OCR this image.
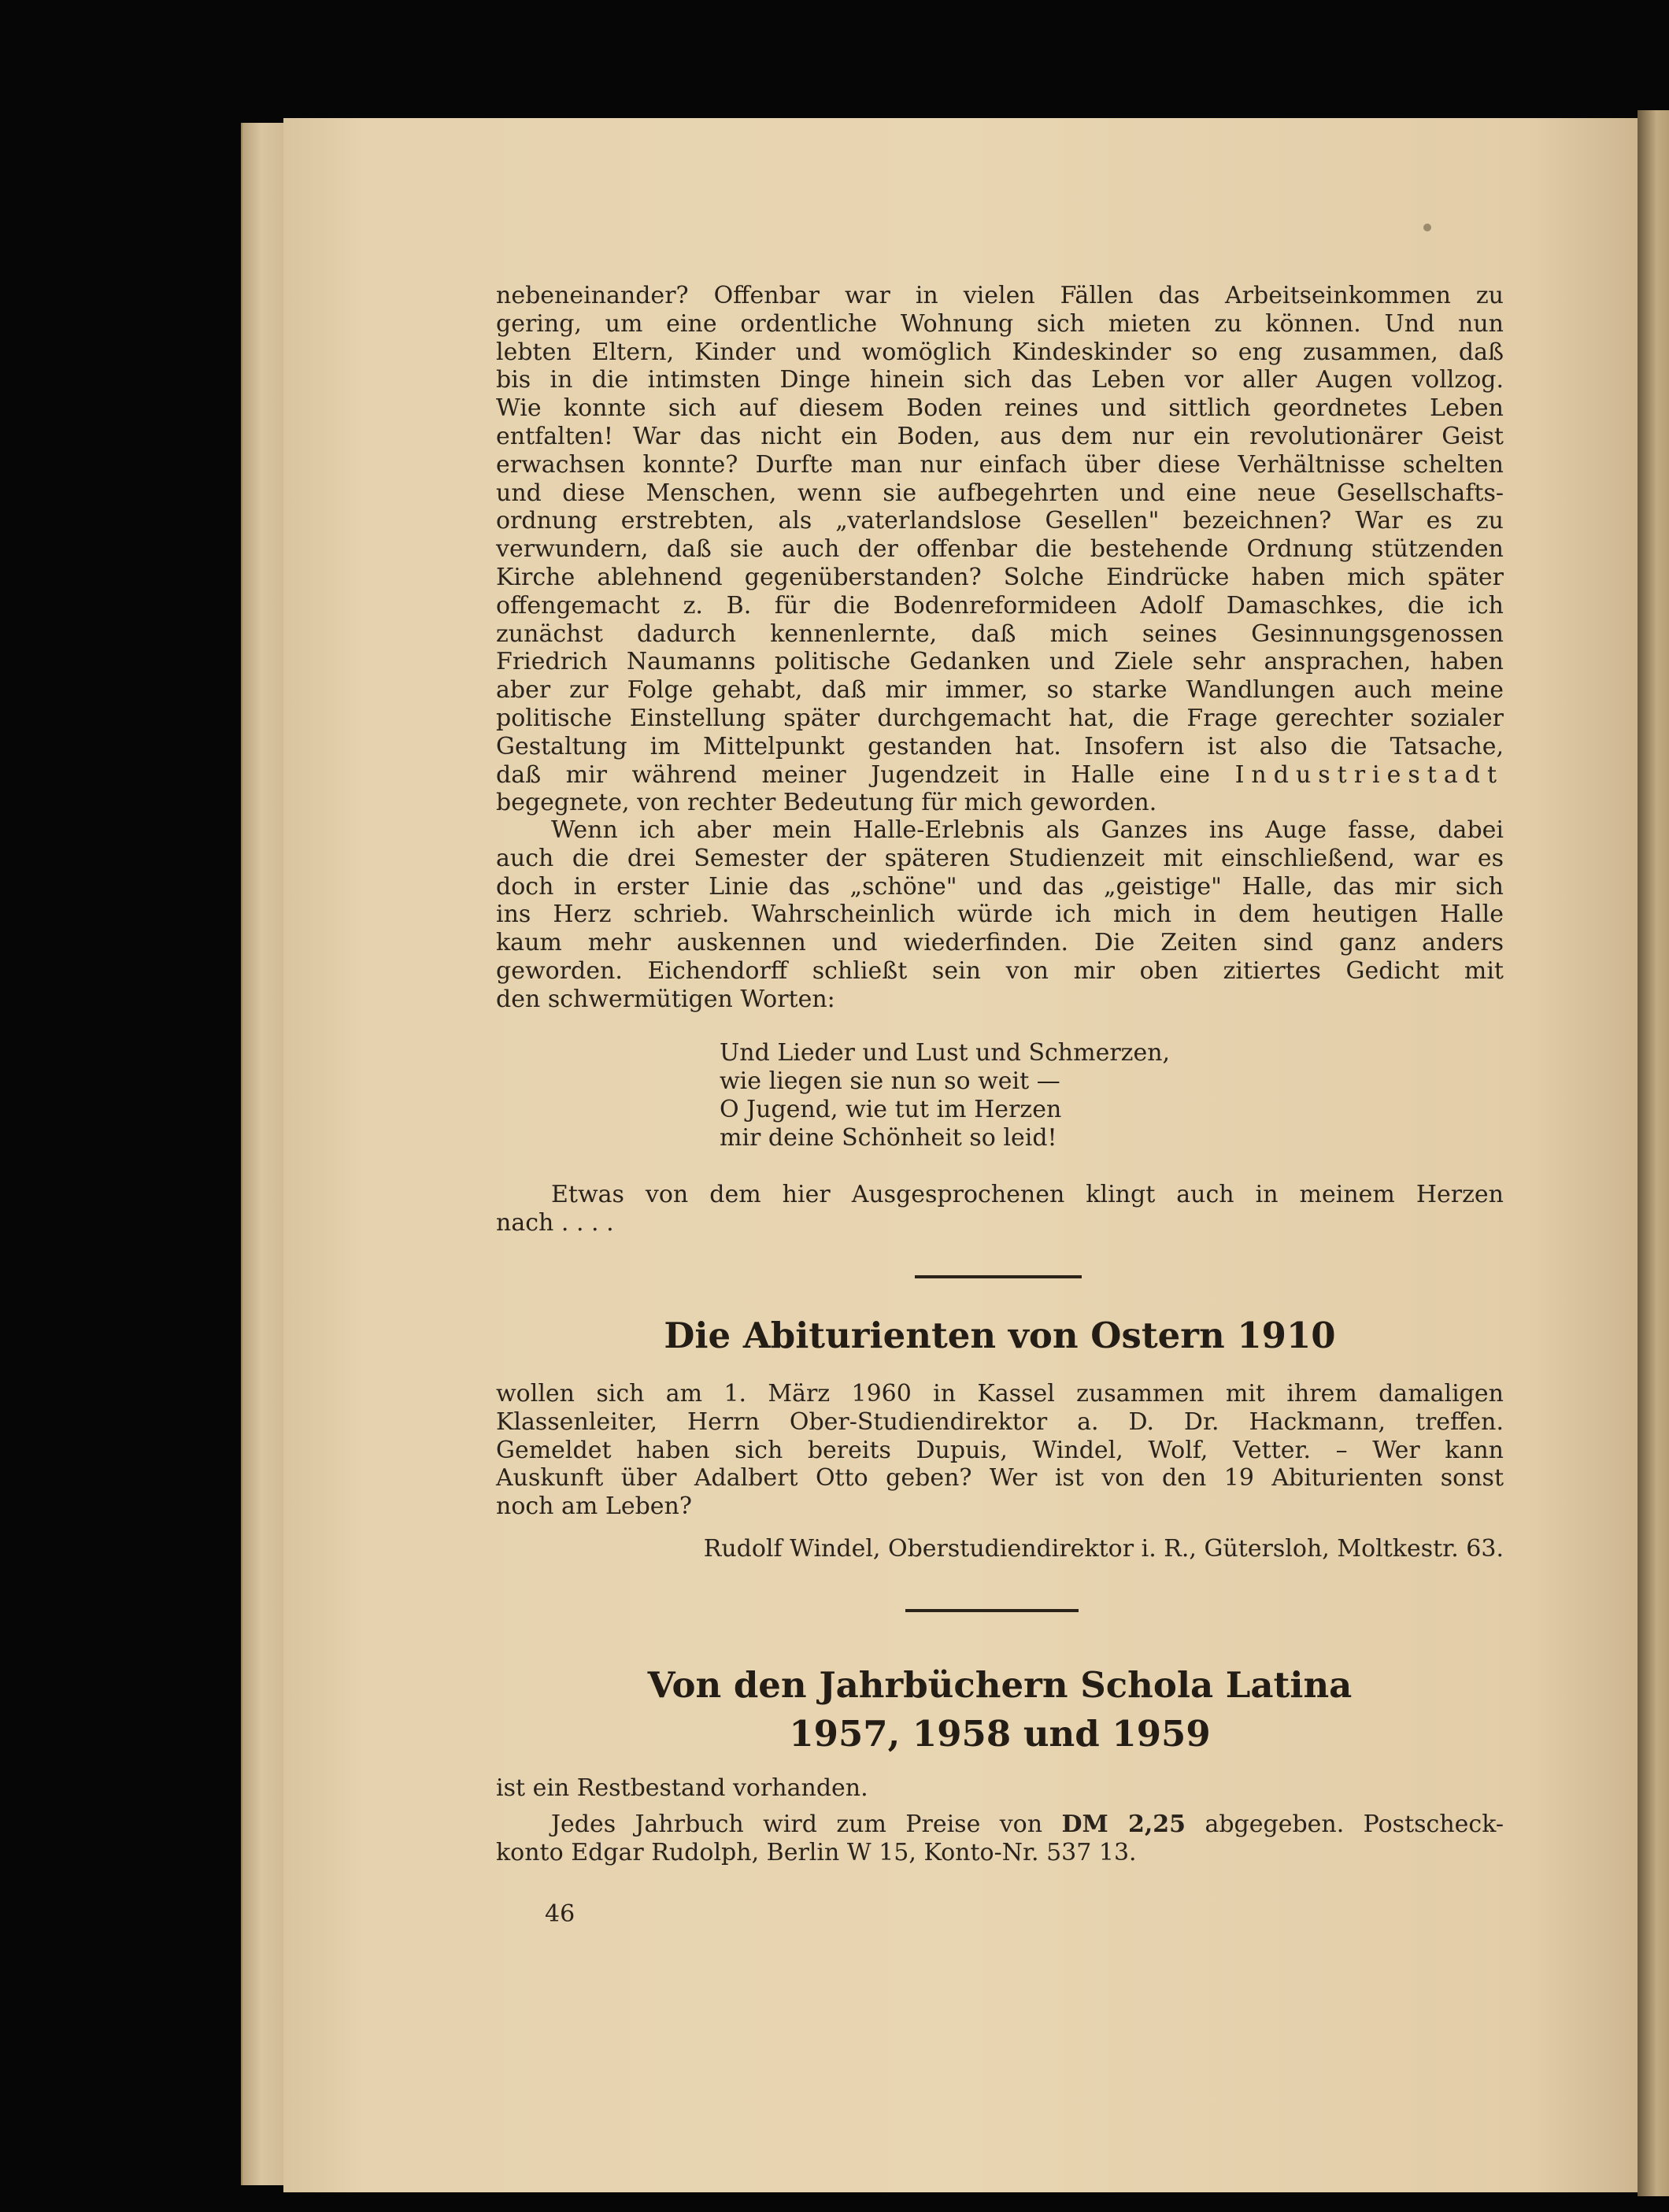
nebeneinander? Offenbar war in vielen Fällen das Arbeitseinkommen zu
gering, um eine ordentliche Wohnung sich mieten zu können. Und nun
lebten Eltern, Kinder und womöglich Kindeskinder so eng zusammen, daß
bis in die intimsten Dinge hinein sich das Leben vor aller Augen vollzog.
Wie konnte sich auf diesem Boden reines und sittlich geordnetes Leben
entfalten! War das nicht ein Boden, aus dem nur ein revolutionärer Geist
erwachsen konnte? Durfte man nur einfach über diese Verhältnisse schelten
und diese Menschen, wenn sie aufbegehrten und eine neue Gesellschafts-
ordnung erstrebten, als „vaterlandslose Gesellen" bezeichnen? War es zu
verwundern, daß sie auch der offenbar die bestehende Ordnung stützenden
Kirche ablehnend gegenüberstanden? Solche Eindrücke haben mich später
offengemacht z. B. für die Bodenreformideen Adolf Damaschkes, die ich
zunächst dadurch kennenlernte, daß mich seines Gesinnungsgenossen
Friedrich Naumanns politische Gedanken und Ziele sehr ansprachen, haben
aber zur Folge gehabt, daß mir immer, so starke Wandlungen auch meine
politische Einstellung später durchgemacht hat, die Frage gerechter sozialer
Gestaltung im Mittelpunkt gestanden hat. Insofern ist also die Tatsache,
daß mir während meiner Jugendzeit in Halle eine Industriestadt
begegnete, von rechter Bedeutung für mich geworden.
Wenn ich aber mein Halle-Erlebnis als Ganzes ins Auge fasse, dabei
auch die drei Semester der späteren Studienzeit mit einschließend, war es
doch in erster Linie das „schöne" und das „geistige" Halle, das mir sich
ins Herz schrieb. Wahrscheinlich würde ich mich in dem heutigen Halle
kaum mehr auskennen und wiederfinden. Die Zeiten sind ganz anders
geworden. Eichendorff schließt sein von mir oben zitiertes Gedicht mit
den schwermütigen Worten:
Und Lieder und Lust und Schmerzen,
wie liegen sie nun so weit —
O Jugend, wie tut im Herzen
mir deine Schönheit so leid!
Etwas von dem hier Ausgesprochenen klingt auch in meinem Herzen
nach . . . .
Die Abiturienten von Ostern 1910
wollen sich am 1. März 1960 in Kassel zusammen mit ihrem damaligen
Klassenleiter, Herrn Ober-Studiendirektor a. D. Dr. Hackmann, treffen.
Gemeldet haben sich bereits Dupuis, Windel, Wolf, Vetter. – Wer kann
Auskunft über Adalbert Otto geben? Wer ist von den 19 Abiturienten sonst
noch am Leben?
Rudolf Windel, Oberstudiendirektor i. R., Gütersloh, Moltkestr. 63.
Von den Jahrbüchern Schola Latina
1957, 1958 und 1959
ist ein Restbestand vorhanden.
Jedes Jahrbuch wird zum Preise von DM 2,25 abgegeben. Postscheck-
konto Edgar Rudolph, Berlin W 15, Konto-Nr. 537 13.
46
